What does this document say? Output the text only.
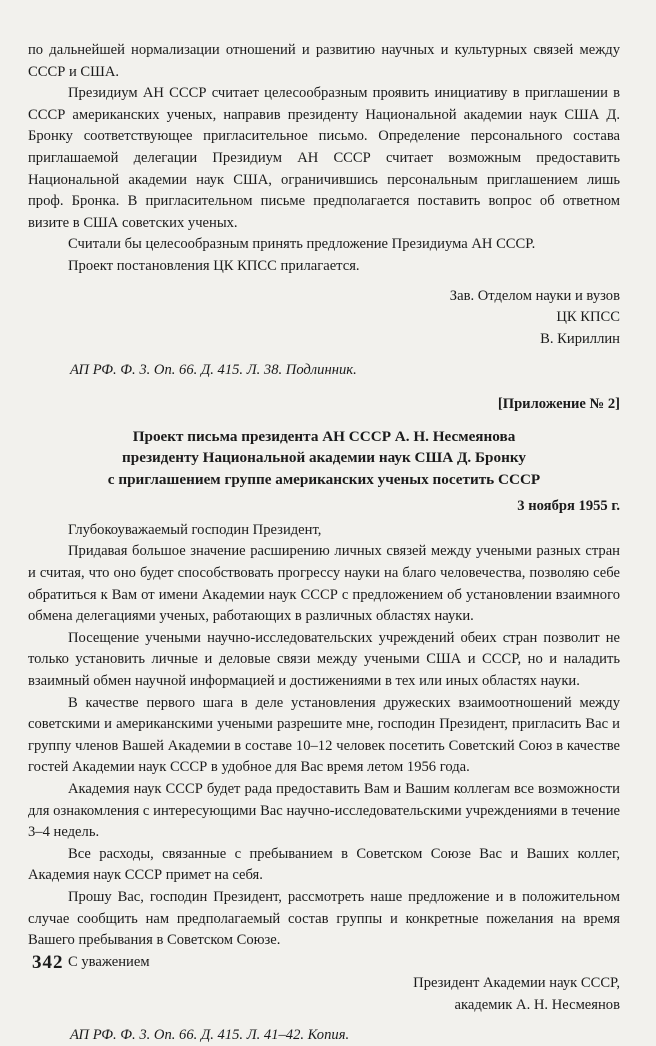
по дальнейшей нормализации отношений и развитию научных и культурных связей между СССР и США.

Президиум АН СССР считает целесообразным проявить инициативу в приглашении в СССР американских ученых, направив президенту Национальной академии наук США Д. Бронку соответствующее пригласительное письмо. Определение персонального состава приглашаемой делегации Президиум АН СССР считает возможным предоставить Национальной академии наук США, ограничившись персональным приглашением лишь проф. Бронка. В пригласительном письме предполагается поставить вопрос об ответном визите в США советских ученых.

Считали бы целесообразным принять предложение Президиума АН СССР.

Проект постановления ЦК КПСС прилагается.

Зав. Отделом науки и вузов
ЦК КПСС
В. Кириллин
АП РФ. Ф. 3. Оп. 66. Д. 415. Л. 38. Подлинник.
[Приложение № 2]
Проект письма президента АН СССР А. Н. Несмеянова
президенту Национальной академии наук США Д. Бронку
с приглашением группе американских ученых посетить СССР
3 ноября 1955 г.

Глубокоуважаемый господин Президент,

Придавая большое значение расширению личных связей между учеными разных стран и считая, что оно будет способствовать прогрессу науки на благо человечества, позволяю себе обратиться к Вам от имени Академии наук СССР с предложением об установлении взаимного обмена делегациями ученых, работающих в различных областях науки.

Посещение учеными научно-исследовательских учреждений обеих стран позволит не только установить личные и деловые связи между учеными США и СССР, но и наладить взаимный обмен научной информацией и достижениями в тех или иных областях науки.

В качестве первого шага в деле установления дружеских взаимоотношений между советскими и американскими учеными разрешите мне, господин Президент, пригласить Вас и группу членов Вашей Академии в составе 10–12 человек посетить Советский Союз в качестве гостей Академии наук СССР в удобное для Вас время летом 1956 года.

Академия наук СССР будет рада предоставить Вам и Вашим коллегам все возможности для ознакомления с интересующими Вас научно-исследовательскими учреждениями в течение 3–4 недель.

Все расходы, связанные с пребыванием в Советском Союзе Вас и Ваших коллег, Академия наук СССР примет на себя.

Прошу Вас, господин Президент, рассмотреть наше предложение и в положительном случае сообщить нам предполагаемый состав группы и конкретные пожелания на время Вашего пребывания в Советском Союзе.

С уважением

Президент Академии наук СССР,
академик А. Н. Несмеянов
АП РФ. Ф. 3. Оп. 66. Д. 415. Л. 41–42. Копия.
342
